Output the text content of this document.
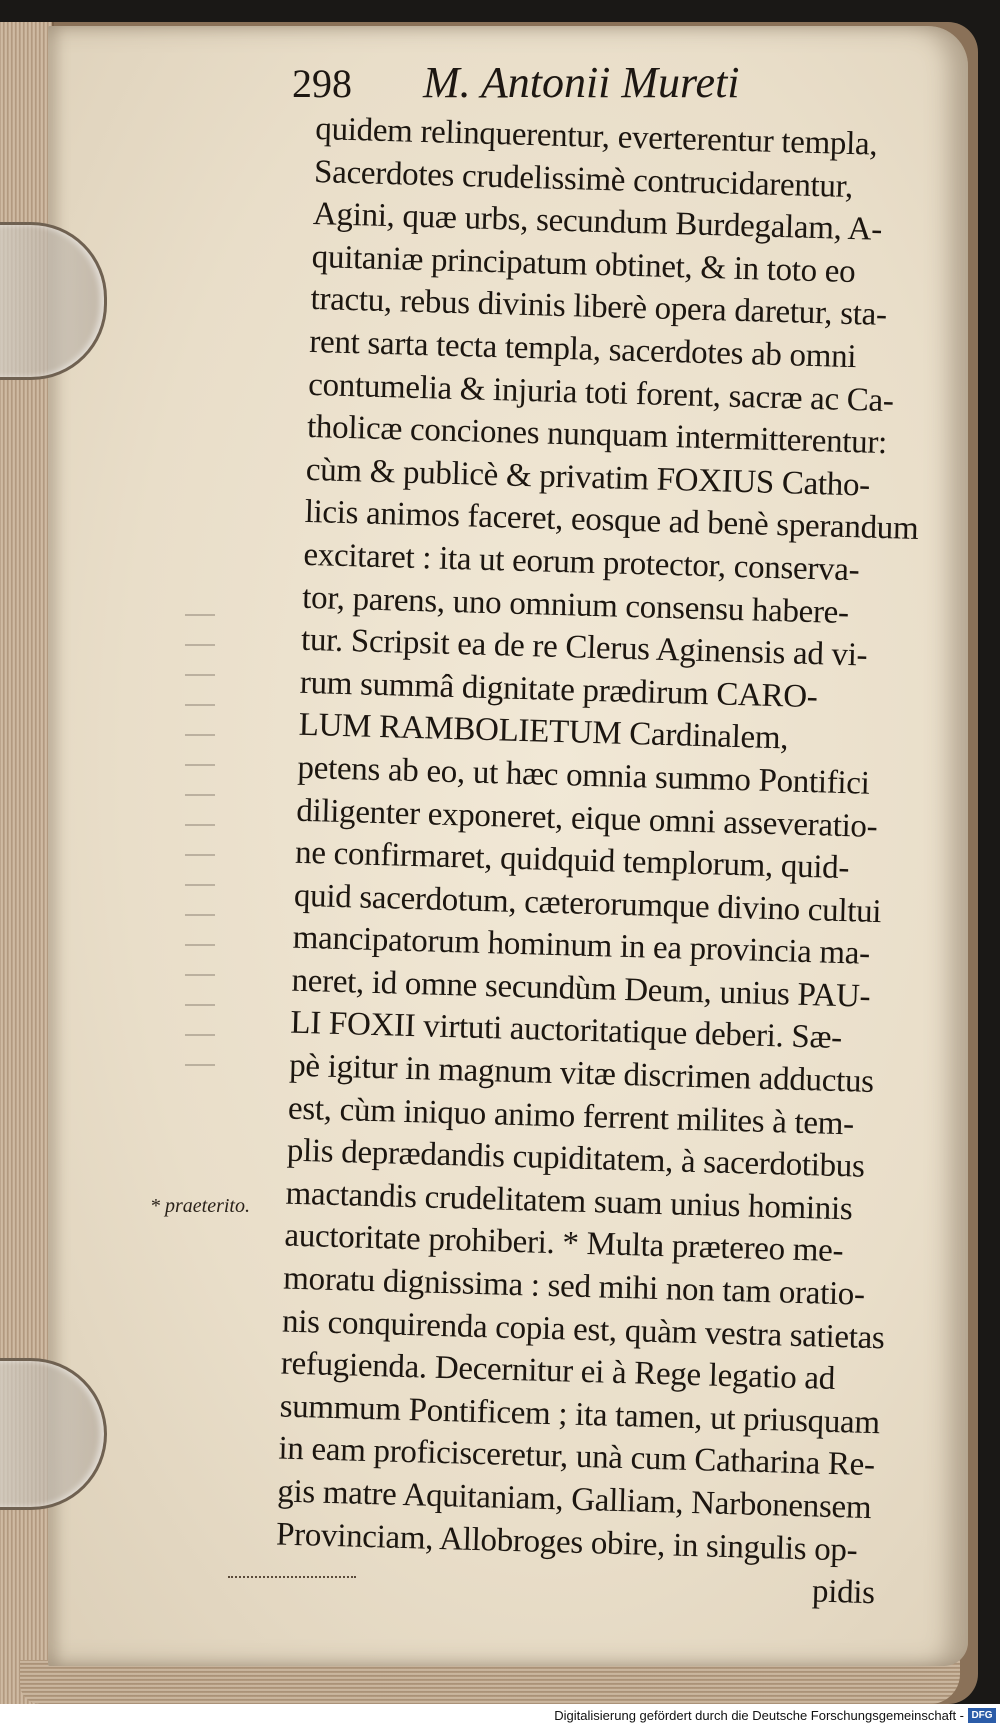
298 M. Antonii Mureti
quidem relinquerentur, everterentur templa,
Sacerdotes crudelissimè contrucidarentur,
Agini, quæ urbs, secundum Burdegalam, A-
quitaniæ principatum obtinet, & in toto eo
tractu, rebus divinis liberè opera daretur, sta-
rent sarta tecta templa, sacerdotes ab omni
contumelia & injuria toti forent, sacræ ac Ca-
tholicæ conciones nunquam intermitterentur:
cùm & publicè & privatim FOXIUS Catho-
licis animos faceret, eosque ad benè sperandum
excitaret : ita ut eorum protector, conserva-
tor, parens, uno omnium consensu habere-
tur. Scripsit ea de re Clerus Aginensis ad vi-
rum summâ dignitate prædirum CARO-
LUM RAMBOLIETUM Cardinalem,
petens ab eo, ut hæc omnia summo Pontifici
diligenter exponeret, eique omni asseveratio-
ne confirmaret, quidquid templorum, quid-
quid sacerdotum, cæterorumque divino cultui
mancipatorum hominum in ea provincia ma-
neret, id omne secundùm Deum, unius PAU-
LI FOXII virtuti auctoritatique deberi. Sæ-
pè igitur in magnum vitæ discrimen adductus
est, cùm iniquo animo ferrent milites à tem-
plis deprædandis cupiditatem, à sacerdotibus
mactandis crudelitatem suam unius hominis
auctoritate prohiberi. * Multa prætereo me-
moratu dignissima : sed mihi non tam oratio-
nis conquirenda copia est, quàm vestra satietas
refugienda. Decernitur ei à Rege legatio ad
summum Pontificem ; ita tamen, ut priusquam
in eam proficisceretur, unà cum Catharina Re-
gis matre Aquitaniam, Galliam, Narbonensem
Provinciam, Allobroges obire, in singulis op-
pidis
* praeterito.
Digitalisierung gefördert durch die Deutsche Forschungsgemeinschaft - DFG
